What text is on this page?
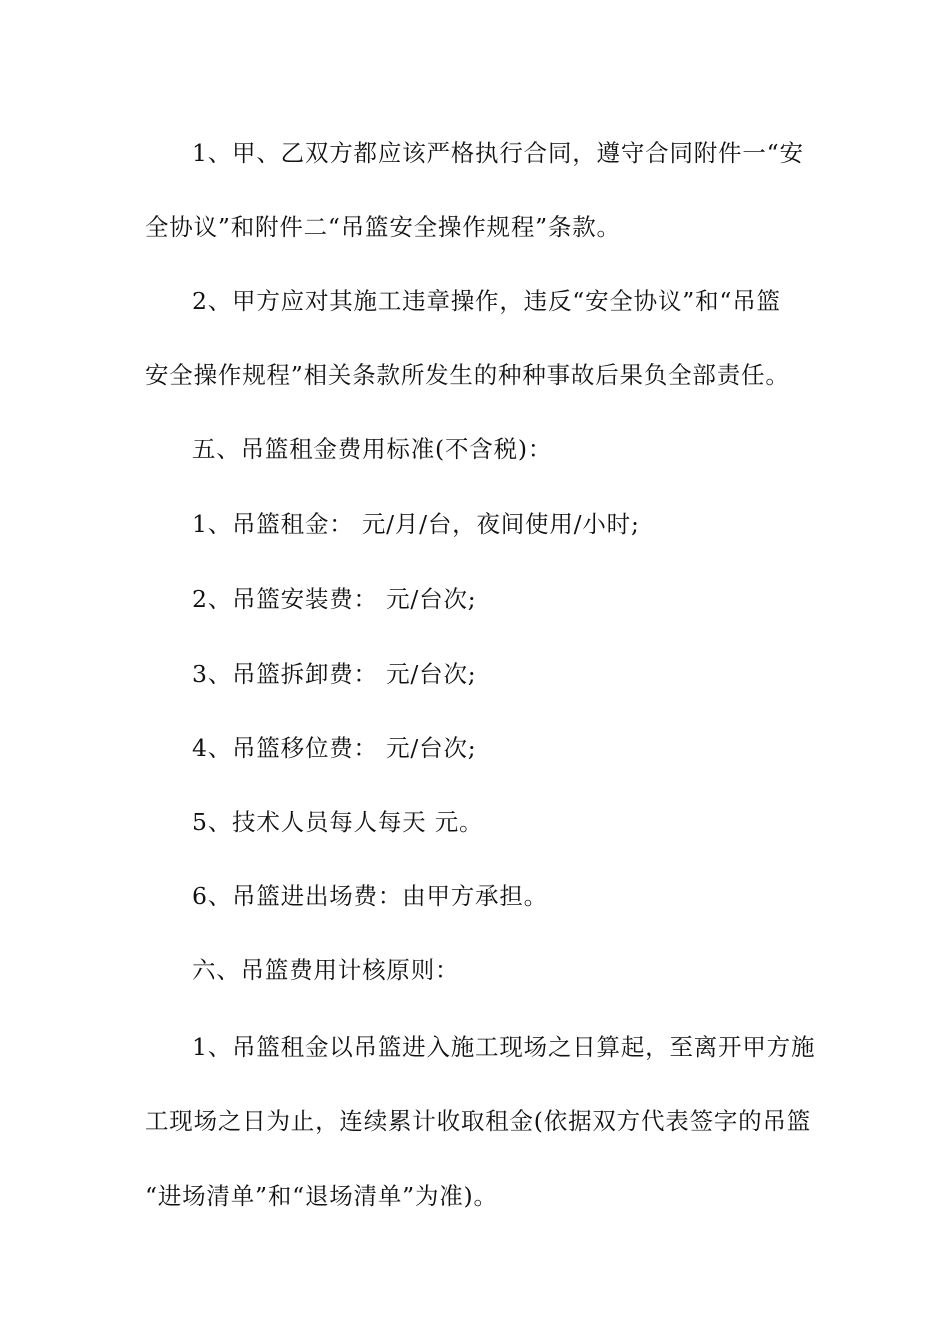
1、甲、乙双方都应该严格执行合同，遵守合同附件一“安
全协议”和附件二“吊篮安全操作规程”条款。
2、甲方应对其施工违章操作，违反“安全协议”和“吊篮
安全操作规程”相关条款所发生的种种事故后果负全部责任。
五、吊篮租金费用标准(不含税)：
1、吊篮租金： 元/月/台，夜间使用/小时;
2、吊篮安装费： 元/台次;
3、吊篮拆卸费： 元/台次;
4、吊篮移位费： 元/台次;
5、技术人员每人每天 元。
6、吊篮进出场费：由甲方承担。
六、吊篮费用计核原则：
1、吊篮租金以吊篮进入施工现场之日算起，至离开甲方施
工现场之日为止，连续累计收取租金(依据双方代表签字的吊篮
“进场清单”和“退场清单”为准)。
